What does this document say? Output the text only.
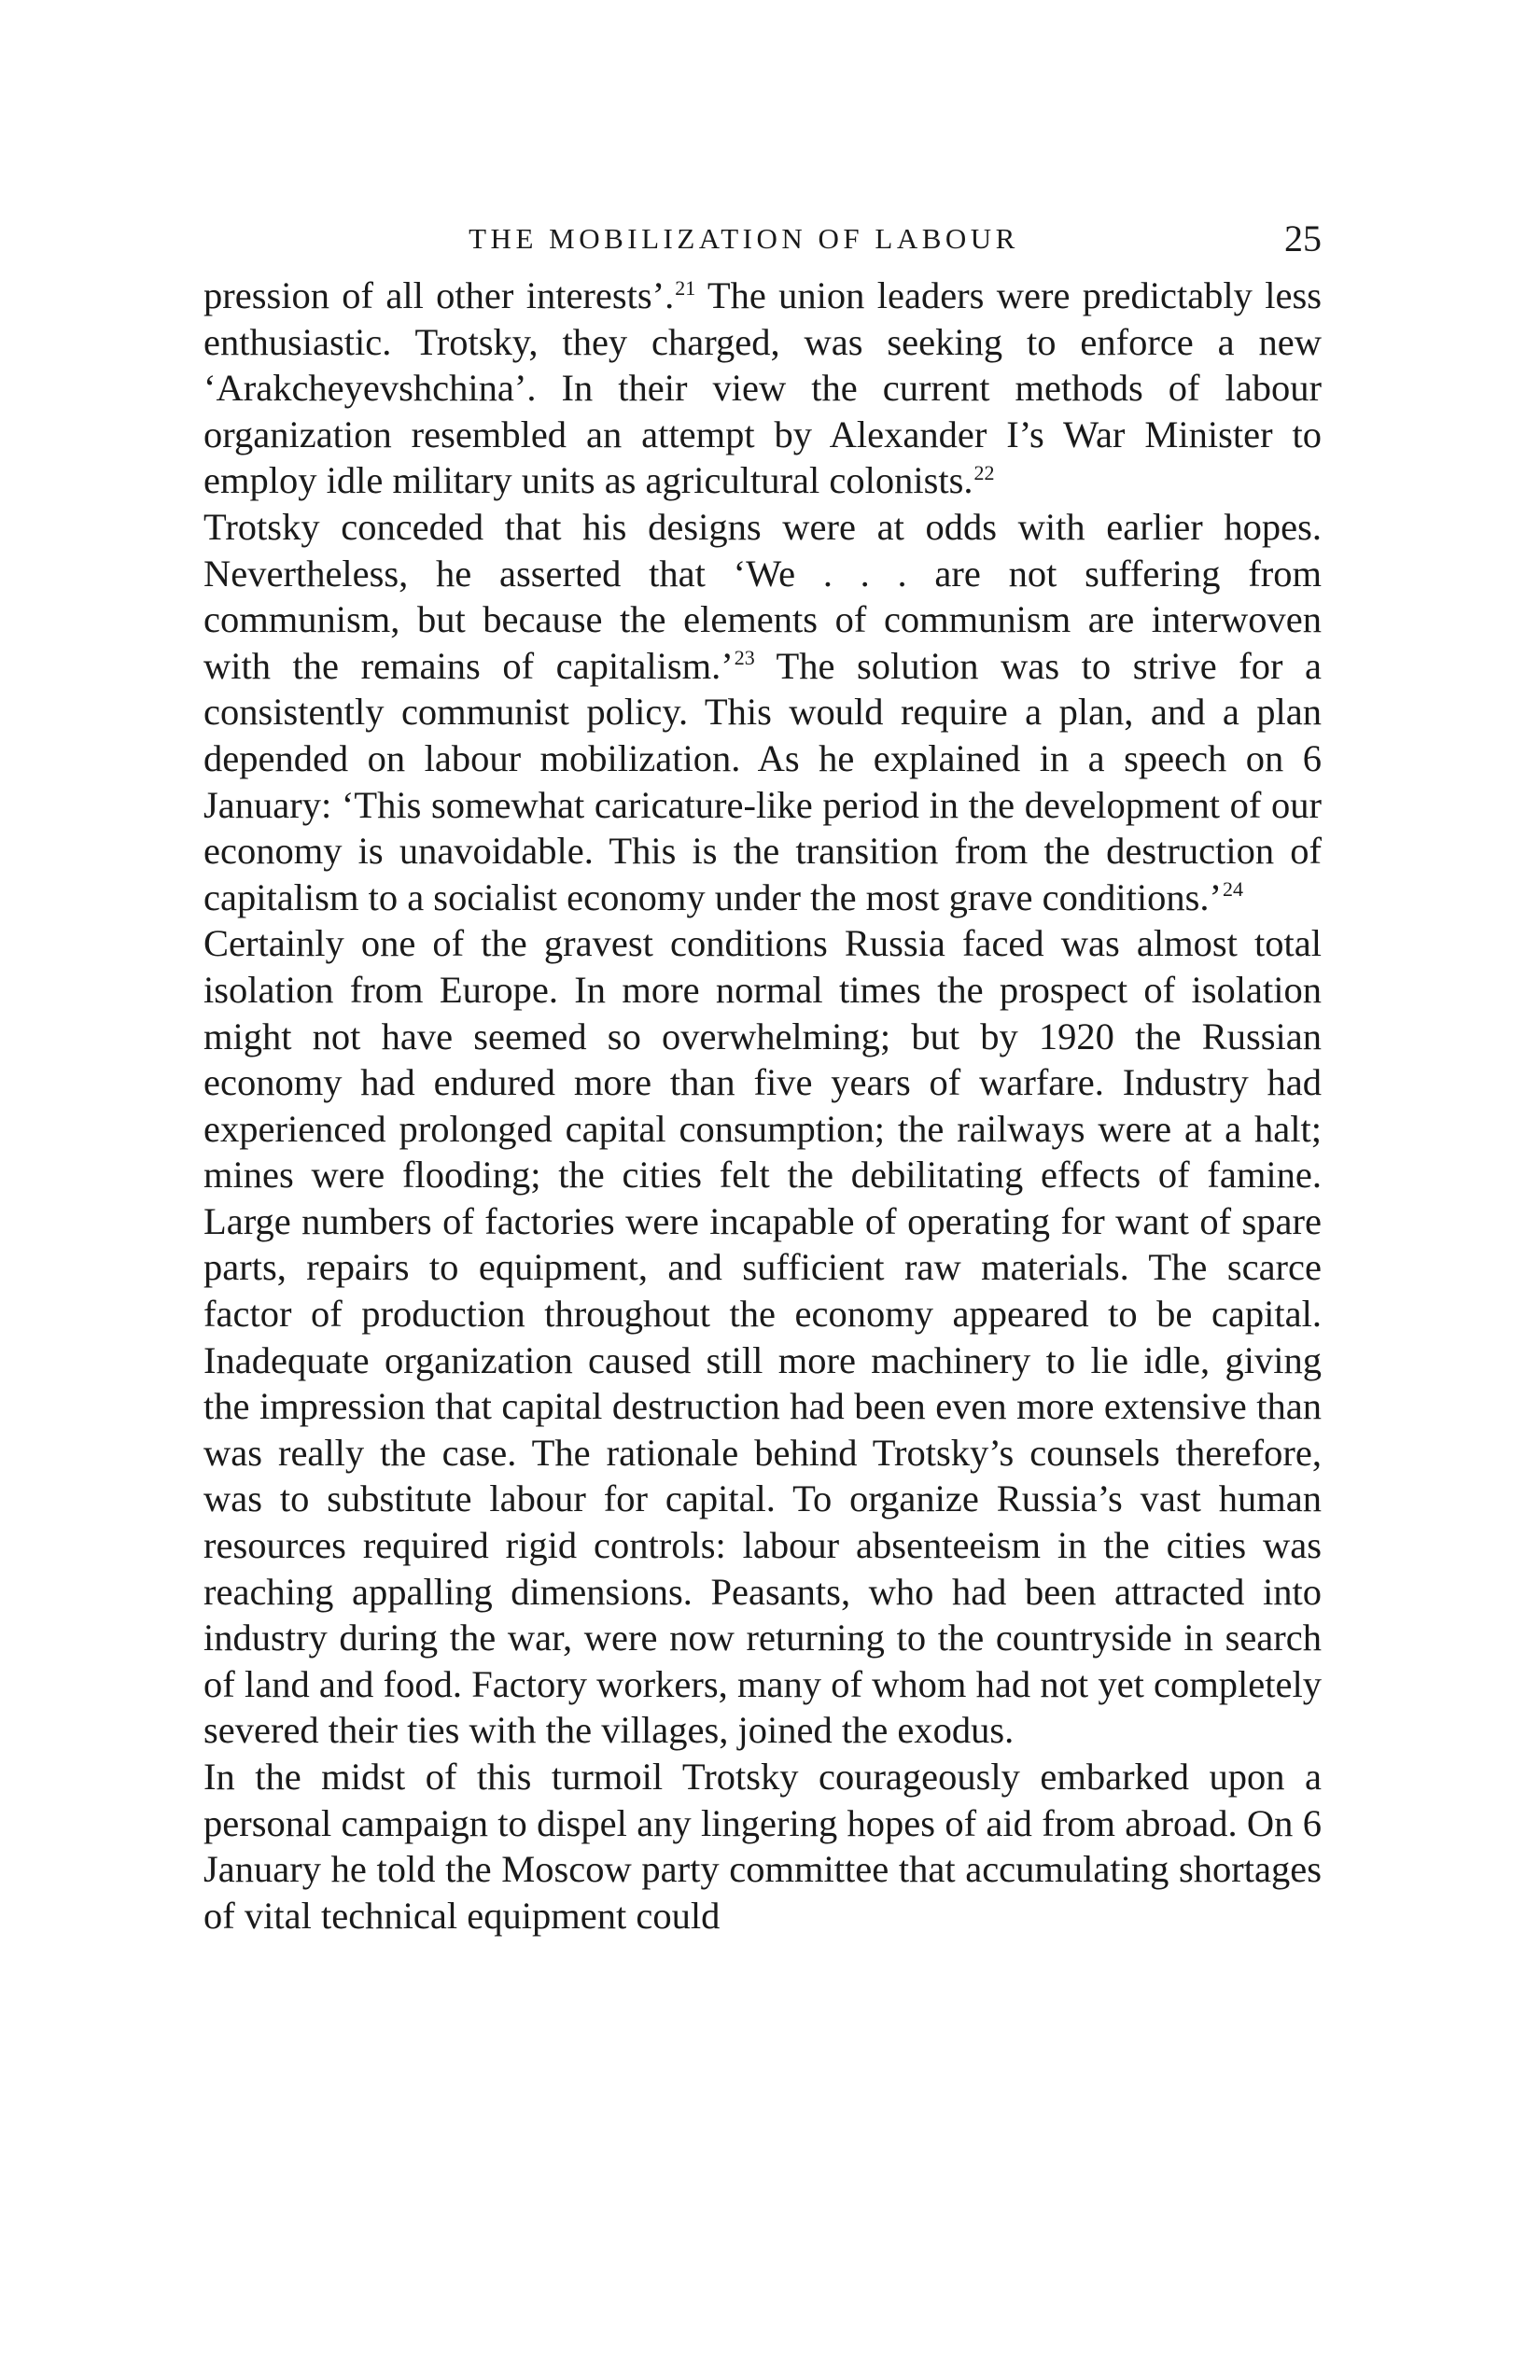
THE MOBILIZATION OF LABOUR	25

pression of all other interests’.$^{21}$ The union leaders were predictably less enthusiastic. Trotsky, they charged, was seeking to enforce a new ‘Arakcheyevshchina’. In their view the current methods of labour organization resembled an attempt by Alexander I’s War Minister to employ idle military units as agricultural colonists.$^{22}$

Trotsky conceded that his designs were at odds with earlier hopes. Nevertheless, he asserted that ‘We . . . are not suffering from communism, but because the elements of communism are interwoven with the remains of capitalism.’$^{23}$ The solution was to strive for a consistently communist policy. This would require a plan, and a plan depended on labour mobilization. As he explained in a speech on 6 January: ‘This somewhat caricature-like period in the development of our economy is unavoidable. This is the transition from the destruction of capitalism to a socialist economy under the most grave conditions.’$^{24}$

Certainly one of the gravest conditions Russia faced was almost total isolation from Europe. In more normal times the prospect of isolation might not have seemed so overwhelming; but by 1920 the Russian economy had endured more than five years of warfare. Industry had experienced prolonged capital consumption; the railways were at a halt; mines were flooding; the cities felt the debilitating effects of famine. Large numbers of factories were incapable of operating for want of spare parts, repairs to equipment, and sufficient raw materials. The scarce factor of production throughout the economy appeared to be capital. Inadequate organization caused still more machinery to lie idle, giving the impression that capital destruction had been even more extensive than was really the case. The rationale behind Trotsky’s counsels therefore, was to substitute labour for capital. To organize Russia’s vast human resources required rigid controls: labour absenteeism in the cities was reaching appalling dimensions. Peasants, who had been attracted into industry during the war, were now returning to the countryside in search of land and food. Factory workers, many of whom had not yet completely severed their ties with the villages, joined the exodus.

In the midst of this turmoil Trotsky courageously embarked upon a personal campaign to dispel any lingering hopes of aid from abroad. On 6 January he told the Moscow party committee that accumulating shortages of vital technical equipment could
